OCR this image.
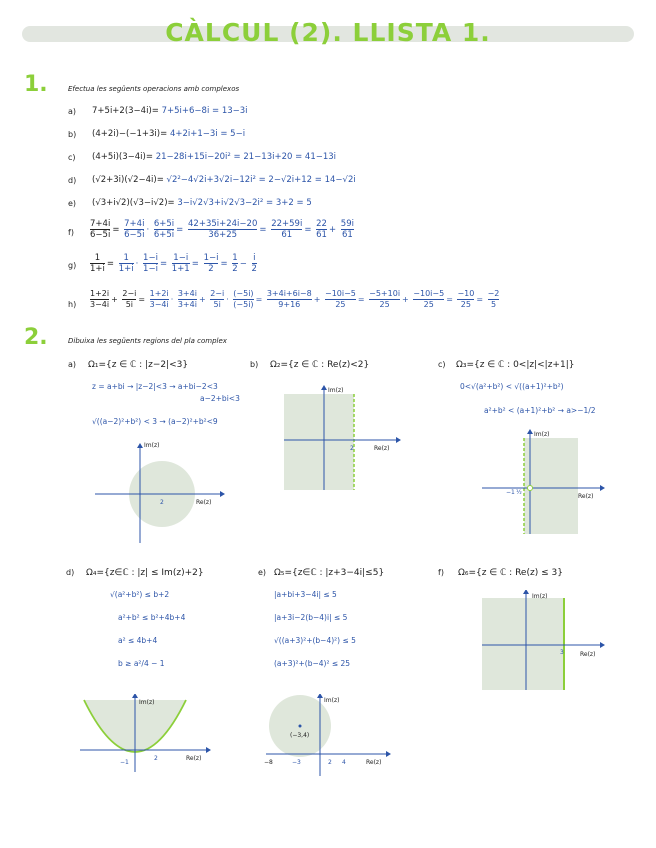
CÀLCUL (2). LLISTA 1.
1.	Efectua les següents operacions amb complexos
a) 7+5i+2(3−4i)= 7+5i+6−8i = 13−3i
b) (4+2i)−(−1+3i)= 4+2i+1−3i = 5−i
c) (4+5i)(3−4i)= 21−28i+15i−20i² = 21−13i+20 = 41−13i
d) (√2+3i)(√2−4i)= √2²−4√2i+3√2i−12i² = 2−√2i+12 = 14−√2i
e) (√3+i√2)(√3−i√2)= 3−i√2√3+i√2√3−2i² = 3+2 = 5
$f) \frac{7+4i}{6-5i} = \frac{7+4i}{6-5i} \cdot \frac{6+5i}{6+5i} = \frac{42+35i+24i-20}{36+25} = \frac{22+59i}{61} = \frac{22}{61} + \frac{59i}{61}$
$g) \frac{1}{1+i} = \frac{1}{1+i} \cdot \frac{1-i}{1-i} = \frac{1-i}{1+1} = \frac{1-i}{2} = \frac{1}{2} - \frac{i}{2}$
$h) \frac{1+2i}{3-4i} + \frac{2-i}{5i} = \frac{1+2i}{3-4i} \cdot \frac{3+4i}{3+4i} + \frac{2-i}{5i} \cdot \frac{(-5i)}{(-5i)} = \frac{3+4i+6i-8}{9+16} + \frac{-10i-5}{25} = \frac{-5+10i}{25} + \frac{-10i-5}{25} = \frac{-10}{25} = \frac{-2}{5}$
2.	Dibuixa les següents regions del pla complex
a) Ω₁={z ∈ ℂ : |z−2|<3}
z = a+bi → |z−2|<3 → a+bi−2<3
a−2+bi<3
√((a−2)²+b²) < 3 → (a−2)²+b²<9
Im(z)
Re(z)
2
b) Ω₂={z ∈ ℂ : Re(z)<2}
Im(z)
Re(z)
2
c) Ω₃={z ∈ ℂ : 0<|z|<|z+1|}
0<√(a²+b²) < √((a+1)²+b²)
a²+b² < (a+1)²+b² → a>−1/2
Im(z)
Re(z)
−1 ½
d) Ω₄={z∈ℂ : |z| ≤ Im(z)+2}
√(a²+b²) ≤ b+2
a²+b² ≤ b²+4b+4
a² ≤ 4b+4
b ≥ a²/4 − 1
Im(z)
Re(z)
−1
2
e) Ω₅={z∈ℂ : |z+3−4i|≤5}
|a+bi+3−4i| ≤ 5
|a+3i−2(b−4)i| ≤ 5
√((a+3)²+(b−4)²) ≤ 5
(a+3)²+(b−4)² ≤ 25
(−3,4)
Im(z)
Re(z)
−8	−3	2 4
f) Ω₆={z ∈ ℂ : Re(z) ≤ 3}
Im(z)
Re(z)
3
